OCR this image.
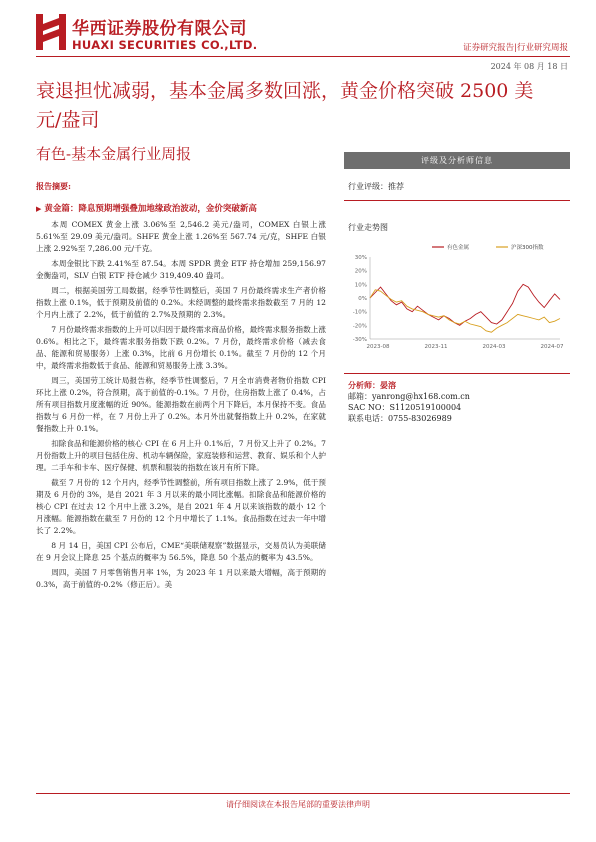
华西证券股份有限公司
HUAXI SECURITIES CO.,LTD.	证券研究报告|行业研究周报
2024 年 08 月 18 日
衰退担忧减弱，基本金属多数回涨，黄金价格突破 2500 美元/盎司
有色-基本金属行业周报
报告摘要:
▶ 黄金篇：降息预期增强叠加地缘政治波动，金价突破新高

本周 COMEX 黄金上涨 3.06%至 2,546.2 美元/盎司，COMEX 白银上涨 5.61%至 29.09 美元/盎司。SHFE 黄金上涨 1.26%至 567.74 元/克，SHFE 白银上涨 2.92%至 7,286.00 元/千克。

本周金银比下跌 2.41%至 87.54。本周 SPDR 黄金 ETF 持仓增加 259,156.97 金衡盎司，SLV 白银 ETF 持仓减少 319,409.40 盎司。

周二，根据美国劳工局数据，经季节性调整后，美国 7 月份最终需求生产者价格指数上涨 0.1%，低于预期及前值的 0.2%。未经调整的最终需求指数截至 7 月的 12 个月内上涨了 2.2%，低于前值的 2.7%及预期的 2.3%。

7 月份最终需求指数的上升可以归因于最终需求商品价格，最终需求服务指数上涨 0.6%。相比之下，最终需求服务指数下跌 0.2%。7 月份，最终需求价格（减去食品、能源和贸易服务）上涨 0.3%，比前 6 月份增长 0.1%。截至 7 月份的 12 个月中，最终需求指数低于食品、能源和贸易服务上涨 3.3%。

周三，美国劳工统计局报告称，经季节性调整后，7 月全市消费者物价指数 CPI 环比上涨 0.2%，符合预期，高于前值的-0.1%。7 月份，住房指数上涨了 0.4%，占所有项目指数月度涨幅的近 90%。能源指数在前两个月下降后，本月保持不变。食品指数与 6 月份一样，在 7 月份上升了 0.2%。本月外出就餐指数上升 0.2%，在家就餐指数上升 0.1%。

扣除食品和能源价格的核心 CPI 在 6 月上升 0.1%后，7 月份又上升了 0.2%。7 月份指数上升的项目包括住房、机动车辆保险，家庭装修和运营、教育、娱乐和个人护理。二手车和卡车、医疗保健、机票和服装的指数在该月有所下降。

截至 7 月份的 12 个月内，经季节性调整前，所有项目指数上涨了 2.9%，低于预期及 6 月份的 3%，是自 2021 年 3 月以来的最小同比涨幅。扣除食品和能源价格的核心 CPI 在过去 12 个月中上涨 3.2%，是自 2021 年 4 月以来该指数的最小 12 个月涨幅。能源指数在截至 7 月份的 12 个月中增长了 1.1%。食品指数在过去一年中增长了 2.2%。

8 月 14 日，美国 CPI 公布后，CME“美联储观察”数据显示，交易员认为美联储在 9 月会议上降息 25 个基点的概率为 56.5%，降息 50 个基点的概率为 43.5%。

周四，美国 7 月零售销售月率 1%，为 2023 年 1 月以来最大增幅，高于预期的 0.3%，高于前值的-0.2%（修正后）。美

评级及分析师信息
行业评级：推荐
行业走势图
30%
20%
10%
0%
-10%
-20%
-30%
2023-08	2023-11	2024-03	2024-07
有色金属	沪深300指数
分析师：晏溶
邮箱：yanrong@hx168.com.cn
SAC NO：S1120519100004
联系电话：0755-83026989
请仔细阅读在本报告尾部的重要法律声明
